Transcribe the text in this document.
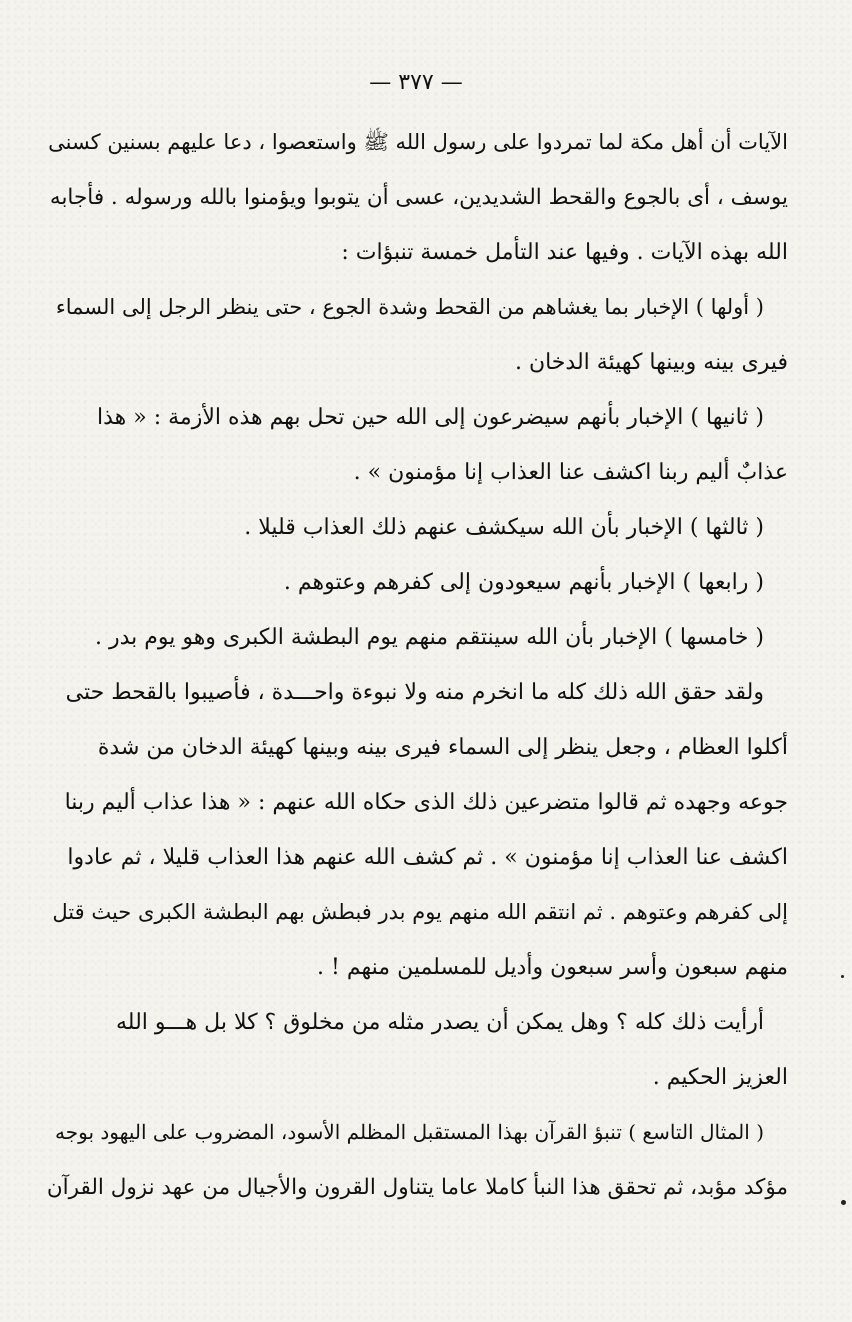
— ٣٧٧ —
الآيات أن أهل مكة لما تمردوا على رسول الله ﷺ واستعصوا ، دعا عليهم بسنين كسنى
يوسف ، أى بالجوع والقحط الشديدين، عسى أن يتوبوا ويؤمنوا بالله ورسوله . فأجابه
الله بهذه الآيات . وفيها عند التأمل خمسة تنبؤات :
( أولها ) الإخبار بما يغشاهم من القحط وشدة الجوع ، حتى ينظر الرجل إلى السماء
فيرى بينه وبينها كهيئة الدخان .
( ثانيها ) الإخبار بأنهم سيضرعون إلى الله حين تحل بهم هذه الأزمة : « هذا
عذابٌ أليم ربنا اكشف عنا العذاب إنا مؤمنون » .
( ثالثها ) الإخبار بأن الله سيكشف عنهم ذلك العذاب قليلا .
( رابعها ) الإخبار بأنهم سيعودون إلى كفرهم وعتوهم .
( خامسها ) الإخبار بأن الله سينتقم منهم يوم البطشة الكبرى وهو يوم بدر .
ولقد حقق الله ذلك كله ما انخرم منه ولا نبوءة واحـــدة ، فأصيبوا بالقحط حتى
أكلوا العظام ، وجعل ينظر إلى السماء فيرى بينه وبينها كهيئة الدخان من شدة
جوعه وجهده ثم قالوا متضرعين ذلك الذى حكاه الله عنهم : « هذا عذاب أليم ربنا
اكشف عنا العذاب إنا مؤمنون » . ثم كشف الله عنهم هذا العذاب قليلا ، ثم عادوا
إلى كفرهم وعتوهم . ثم انتقم الله منهم يوم بدر فبطش بهم البطشة الكبرى حيث قتل
منهم سبعون وأسر سبعون وأديل للمسلمين منهم ! .
أرأيت ذلك كله ؟ وهل يمكن أن يصدر مثله من مخلوق ؟ كلا بل هـــو الله
العزيز الحكيم .
( المثال التاسع ) تنبؤ القرآن بهذا المستقبل المظلم الأسود، المضروب على اليهود بوجه
مؤكد مؤبد، ثم تحقق هذا النبأ كاملا عاما يتناول القرون والأجيال من عهد نزول القرآن
